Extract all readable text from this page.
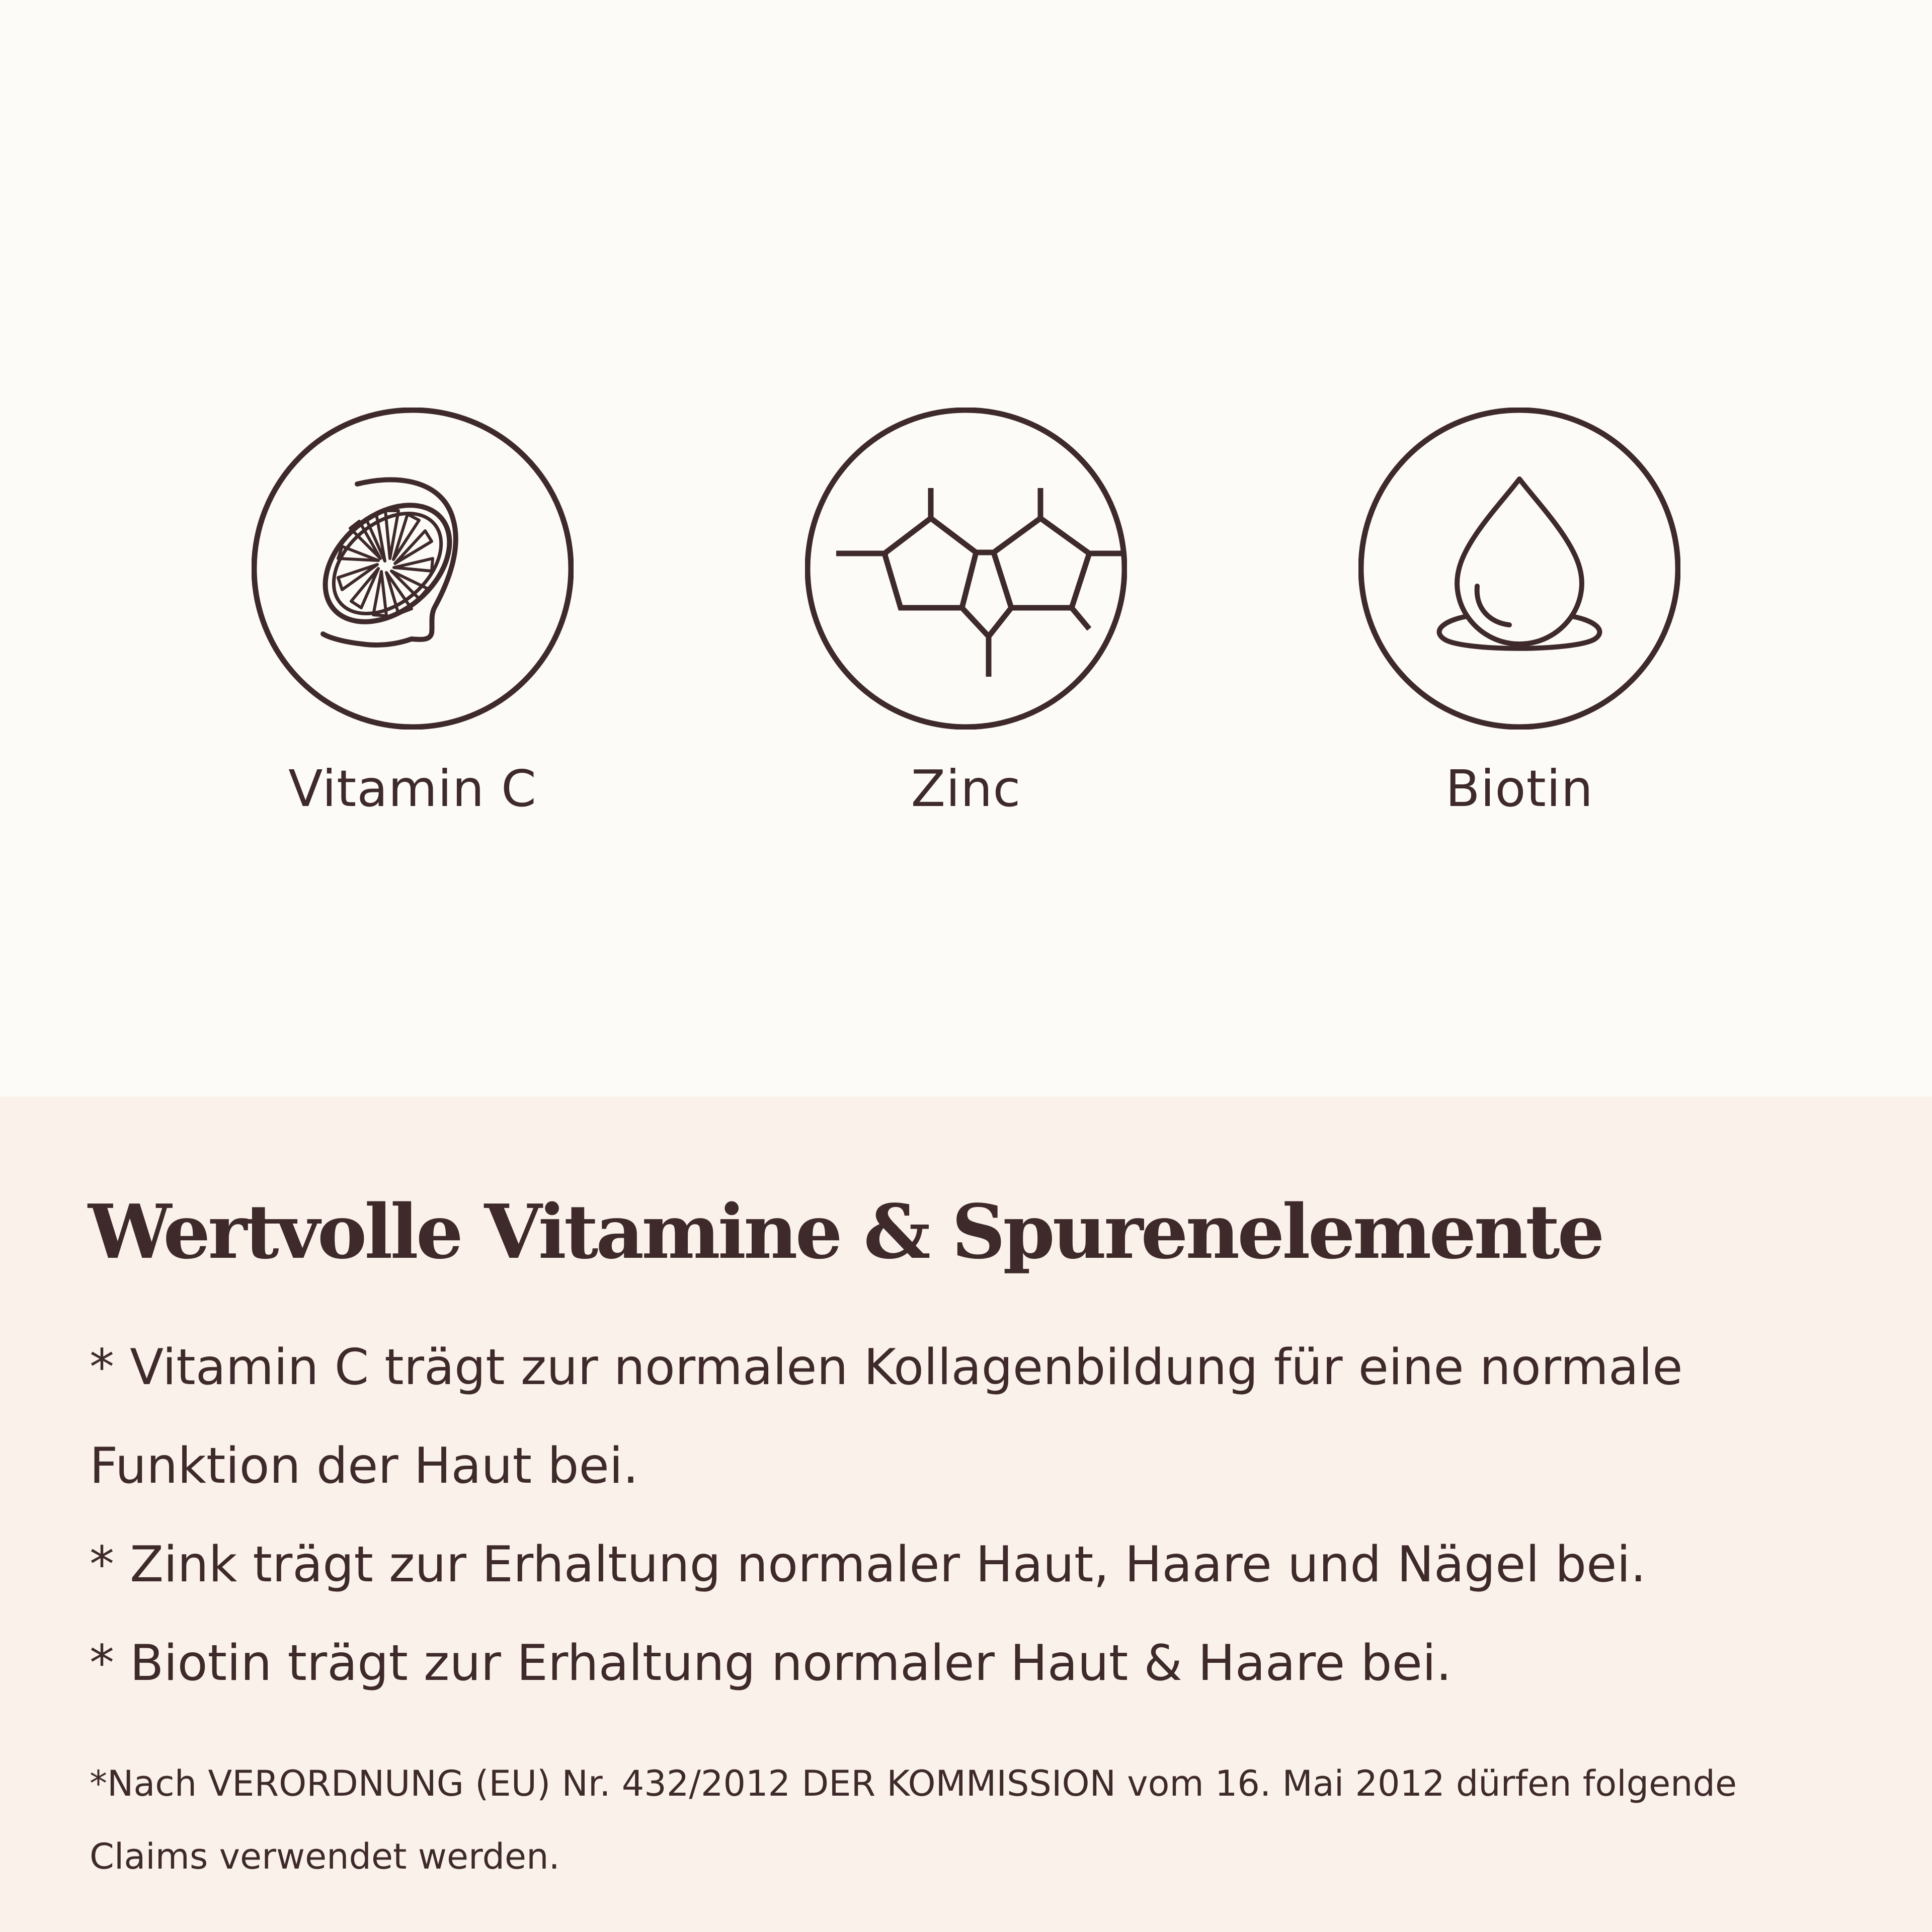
Vitamin C	Zinc	Biotin
Wertvolle Vitamine & Spurenelemente
* Vitamin C trägt zur normalen Kollagenbildung für eine normale Funktion der Haut bei.
* Zink trägt zur Erhaltung normaler Haut, Haare und Nägel bei.
* Biotin trägt zur Erhaltung normaler Haut & Haare bei.

*Nach VERORDNUNG (EU) Nr. 432/2012 DER KOMMISSION vom 16. Mai 2012 dürfen folgende Claims verwendet werden.
